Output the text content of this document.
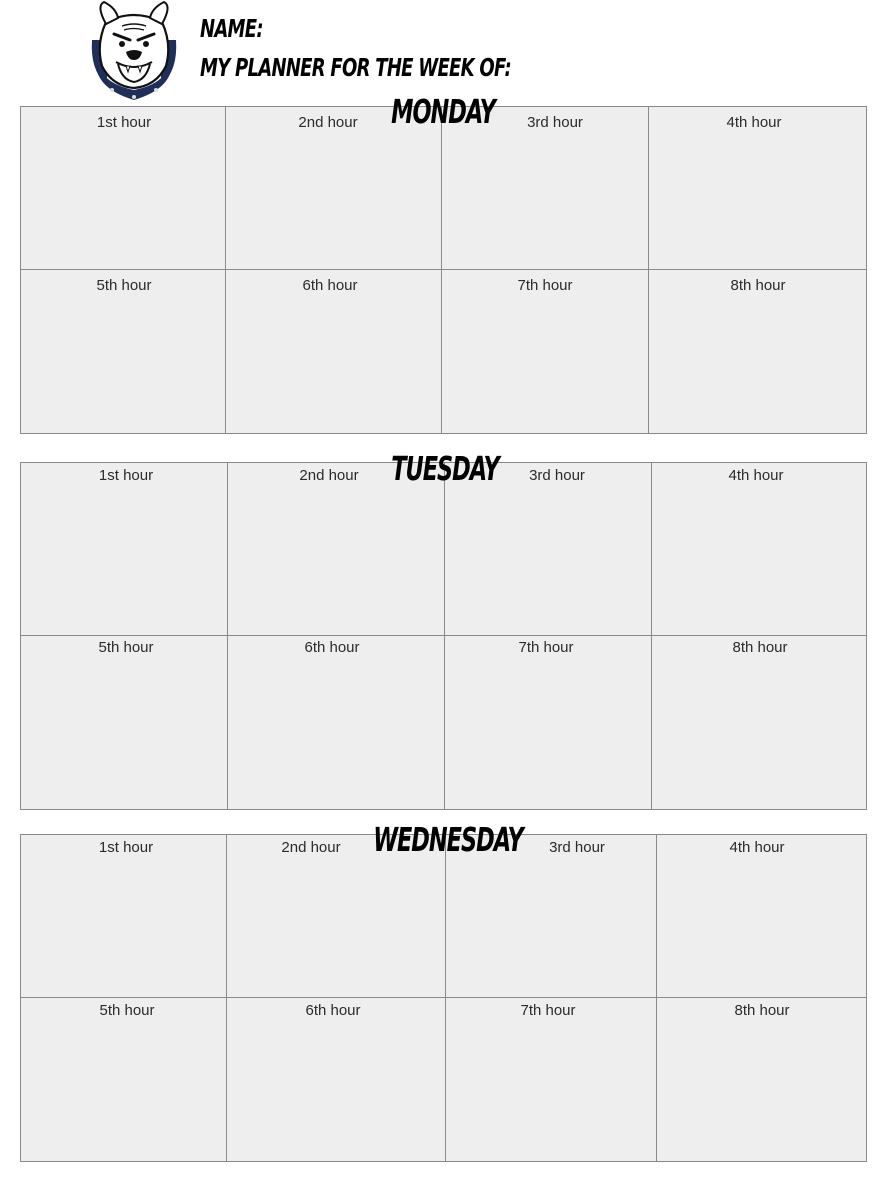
NAME:
MY PLANNER FOR THE WEEK OF:
1st hour	2nd hour	3rd hour	4th hour
5th hour	6th hour	7th hour	8th hour
MONDAY
1st hour	2nd hour	3rd hour	4th hour
5th hour	6th hour	7th hour	8th hour
TUESDAY
1st hour	2nd hour	3rd hour	4th hour
5th hour	6th hour	7th hour	8th hour
WEDNESDAY
